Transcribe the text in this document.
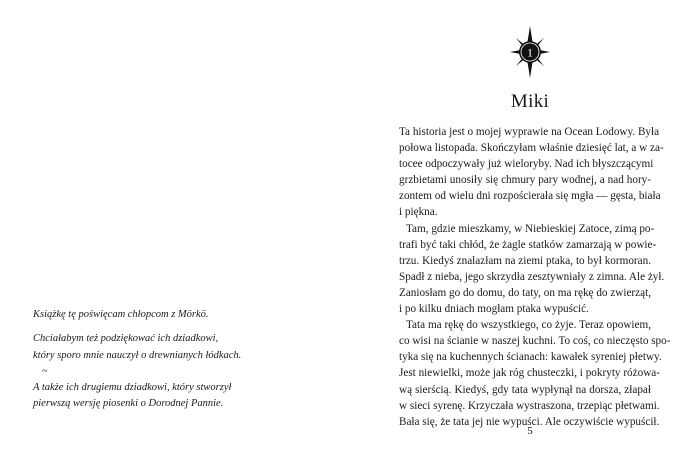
Książkę tę poświęcam chłopcom z Mörkö.
Chciałabym też podziękować ich dziadkowi,
który sporo mnie nauczył o drewnianych łódkach.
~
A także ich drugiemu dziadkowi, który stworzył
pierwszą wersję piosenki o Dorodnej Pannie.
1
Miki
Ta historia jest o mojej wyprawie na Ocean Lodowy. Była
połowa listopada. Skończyłam właśnie dziesięć lat, a w za-
tocee odpoczywały już wieloryby. Nad ich błyszczącymi
grzbietami unosiły się chmury pary wodnej, a nad hory-
zontem od wielu dni rozpościerała się mgła — gęsta, biała
i piękna.
Tam, gdzie mieszkamy, w Niebieskiej Zatoce, zimą po-
trafi być taki chłód, że żagle statków zamarzają w powie-
trzu. Kiedyś znalazłam na ziemi ptaka, to był kormoran.
Spadł z nieba, jego skrzydła zesztywniały z zimna. Ale żył.
Zaniosłam go do domu, do taty, on ma rękę do zwierząt,
i po kilku dniach mogłam ptaka wypuścić.
Tata ma rękę do wszystkiego, co żyje. Teraz opowiem,
co wisi na ścianie w naszej kuchni. To coś, co nieczęsto spo-
tyka się na kuchennych ścianach: kawałek syreniej płetwy.
Jest niewielki, może jak róg chusteczki, i pokryty różowa-
wą sierścią. Kiedyś, gdy tata wypłynął na dorsza, złapał
w sieci syrenę. Krzyczała wystraszona, trzepiąc płetwami.
Bała się, że tata jej nie wypuści. Ale oczywiście wypuścił.
5
